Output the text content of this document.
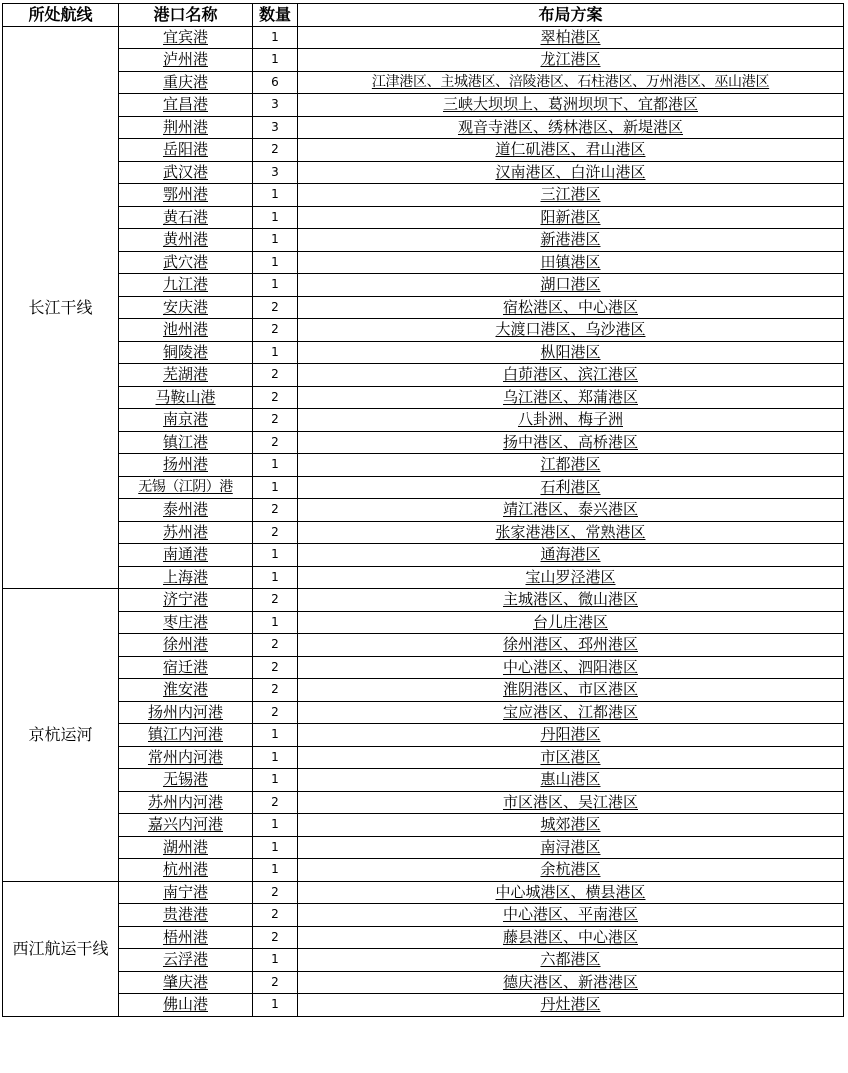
所处航线	港口名称	数量	布局方案
长江干线	宜宾港	1	翠柏港区
	泸州港	1	龙江港区
	重庆港	6	江津港区、主城港区、涪陵港区、石柱港区、万州港区、巫山港区
	宜昌港	3	三峡大坝坝上、葛洲坝坝下、宜都港区
	荆州港	3	观音寺港区、绣林港区、新堤港区
	岳阳港	2	道仁矶港区、君山港区
	武汉港	3	汉南港区、白浒山港区
	鄂州港	1	三江港区
	黄石港	1	阳新港区
	黄州港	1	新港港区
	武穴港	1	田镇港区
	九江港	1	湖口港区
	安庆港	2	宿松港区、中心港区
	池州港	2	大渡口港区、乌沙港区
	铜陵港	1	枞阳港区
	芜湖港	2	白茆港区、滨江港区
	马鞍山港	2	乌江港区、郑蒲港区
	南京港	2	八卦洲、梅子洲
	镇江港	2	扬中港区、高桥港区
	扬州港	1	江都港区
	无锡（江阴）港	1	石利港区
	泰州港	2	靖江港区、泰兴港区
	苏州港	2	张家港港区、常熟港区
	南通港	1	通海港区
	上海港	1	宝山罗泾港区
京杭运河	济宁港	2	主城港区、微山港区
	枣庄港	1	台儿庄港区
	徐州港	2	徐州港区、邳州港区
	宿迁港	2	中心港区、泗阳港区
	淮安港	2	淮阴港区、市区港区
	扬州内河港	2	宝应港区、江都港区
	镇江内河港	1	丹阳港区
	常州内河港	1	市区港区
	无锡港	1	惠山港区
	苏州内河港	2	市区港区、吴江港区
	嘉兴内河港	1	城郊港区
	湖州港	1	南浔港区
	杭州港	1	余杭港区
西江航运干线	南宁港	2	中心城港区、横县港区
	贵港港	2	中心港区、平南港区
	梧州港	2	藤县港区、中心港区
	云浮港	1	六都港区
	肇庆港	2	德庆港区、新港港区
	佛山港	1	丹灶港区
